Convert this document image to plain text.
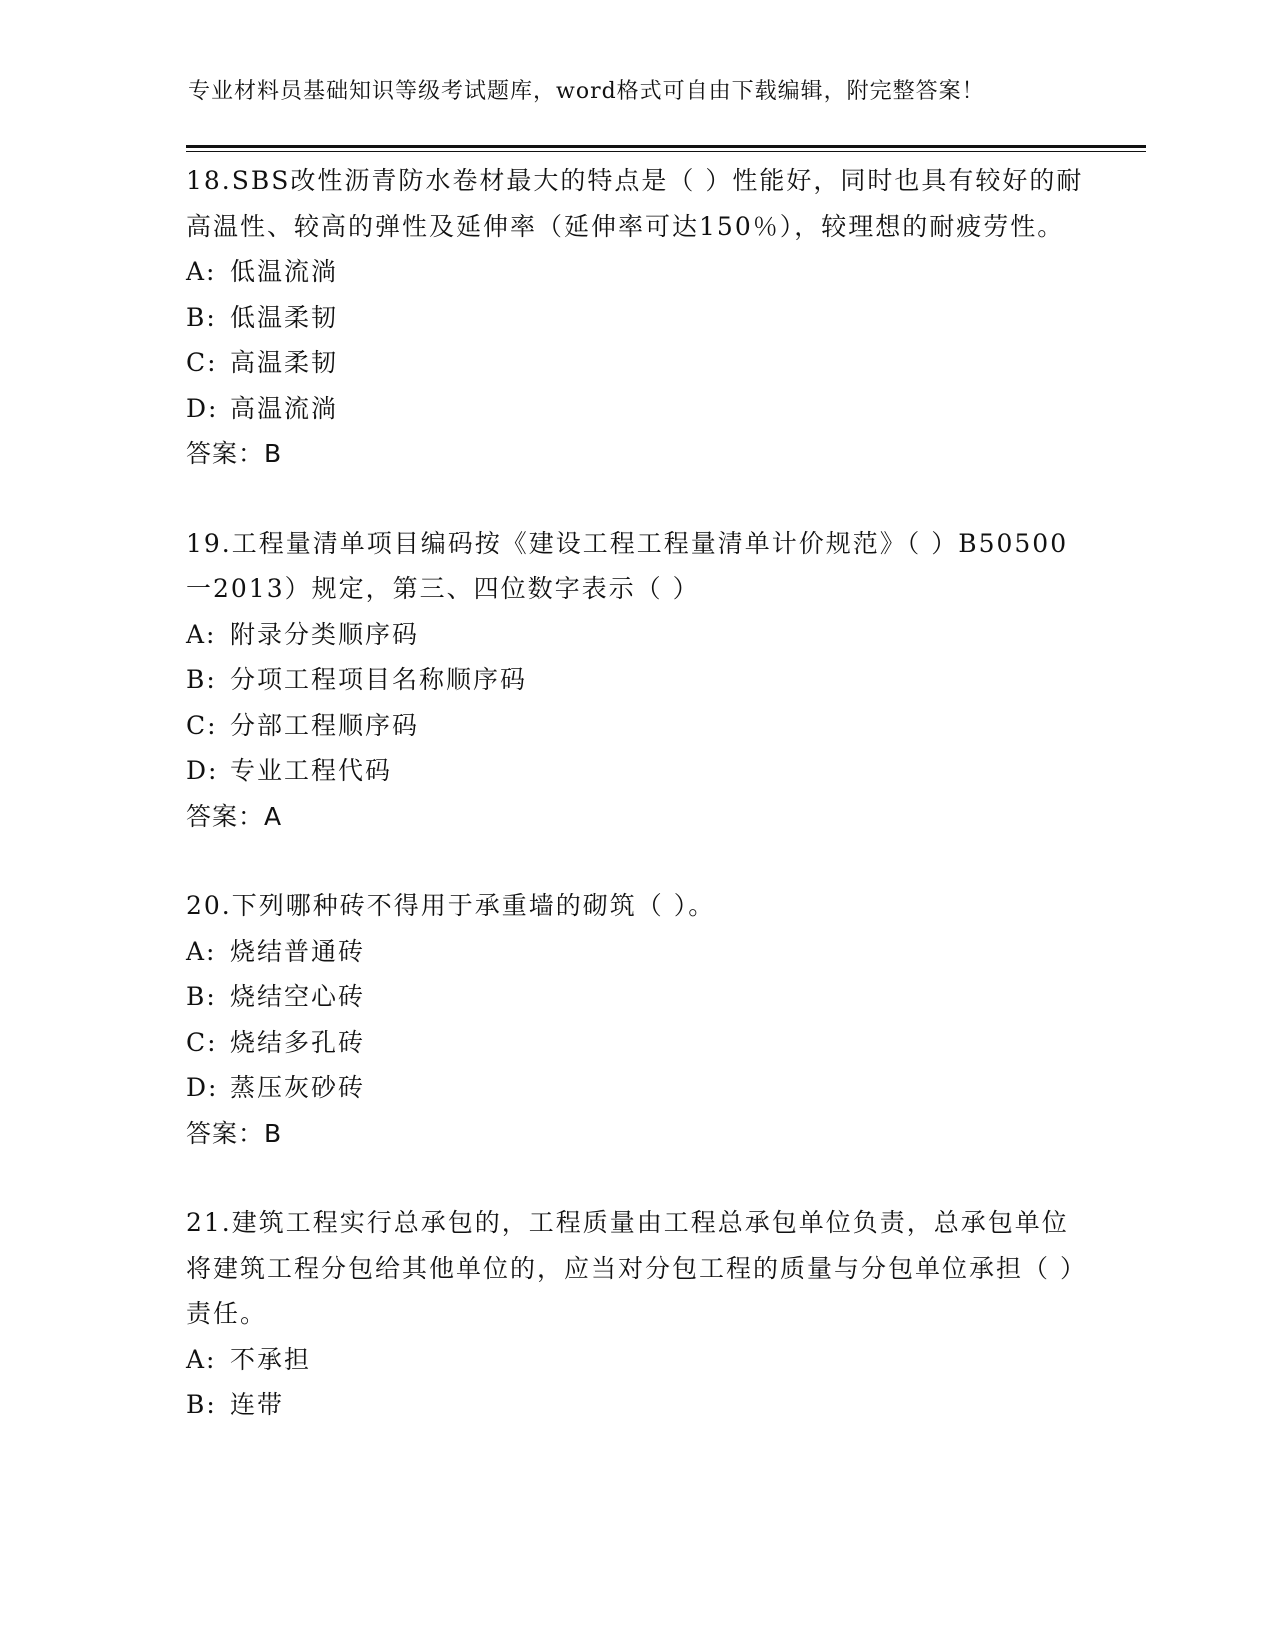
专业材料员基础知识等级考试题库，word格式可自由下载编辑，附完整答案！
18.SBS改性沥青防水卷材最大的特点是（ ）性能好，同时也具有较好的耐高温性、较高的弹性及延伸率（延伸率可达150％），较理想的耐疲劳性。
A: 低温流淌
B: 低温柔韧
C: 高温柔韧
D: 高温流淌
答案：B
19.工程量清单项目编码按《建设工程工程量清单计价规范》（ ）B50500一2013）规定，第三、四位数字表示（ ）
A: 附录分类顺序码
B: 分项工程项目名称顺序码
C: 分部工程顺序码
D: 专业工程代码
答案：A
20.下列哪种砖不得用于承重墙的砌筑（ ）。
A: 烧结普通砖
B: 烧结空心砖
C: 烧结多孔砖
D: 蒸压灰砂砖
答案：B
21.建筑工程实行总承包的，工程质量由工程总承包单位负责，总承包单位将建筑工程分包给其他单位的，应当对分包工程的质量与分包单位承担（ ）责任。
A: 不承担
B: 连带
